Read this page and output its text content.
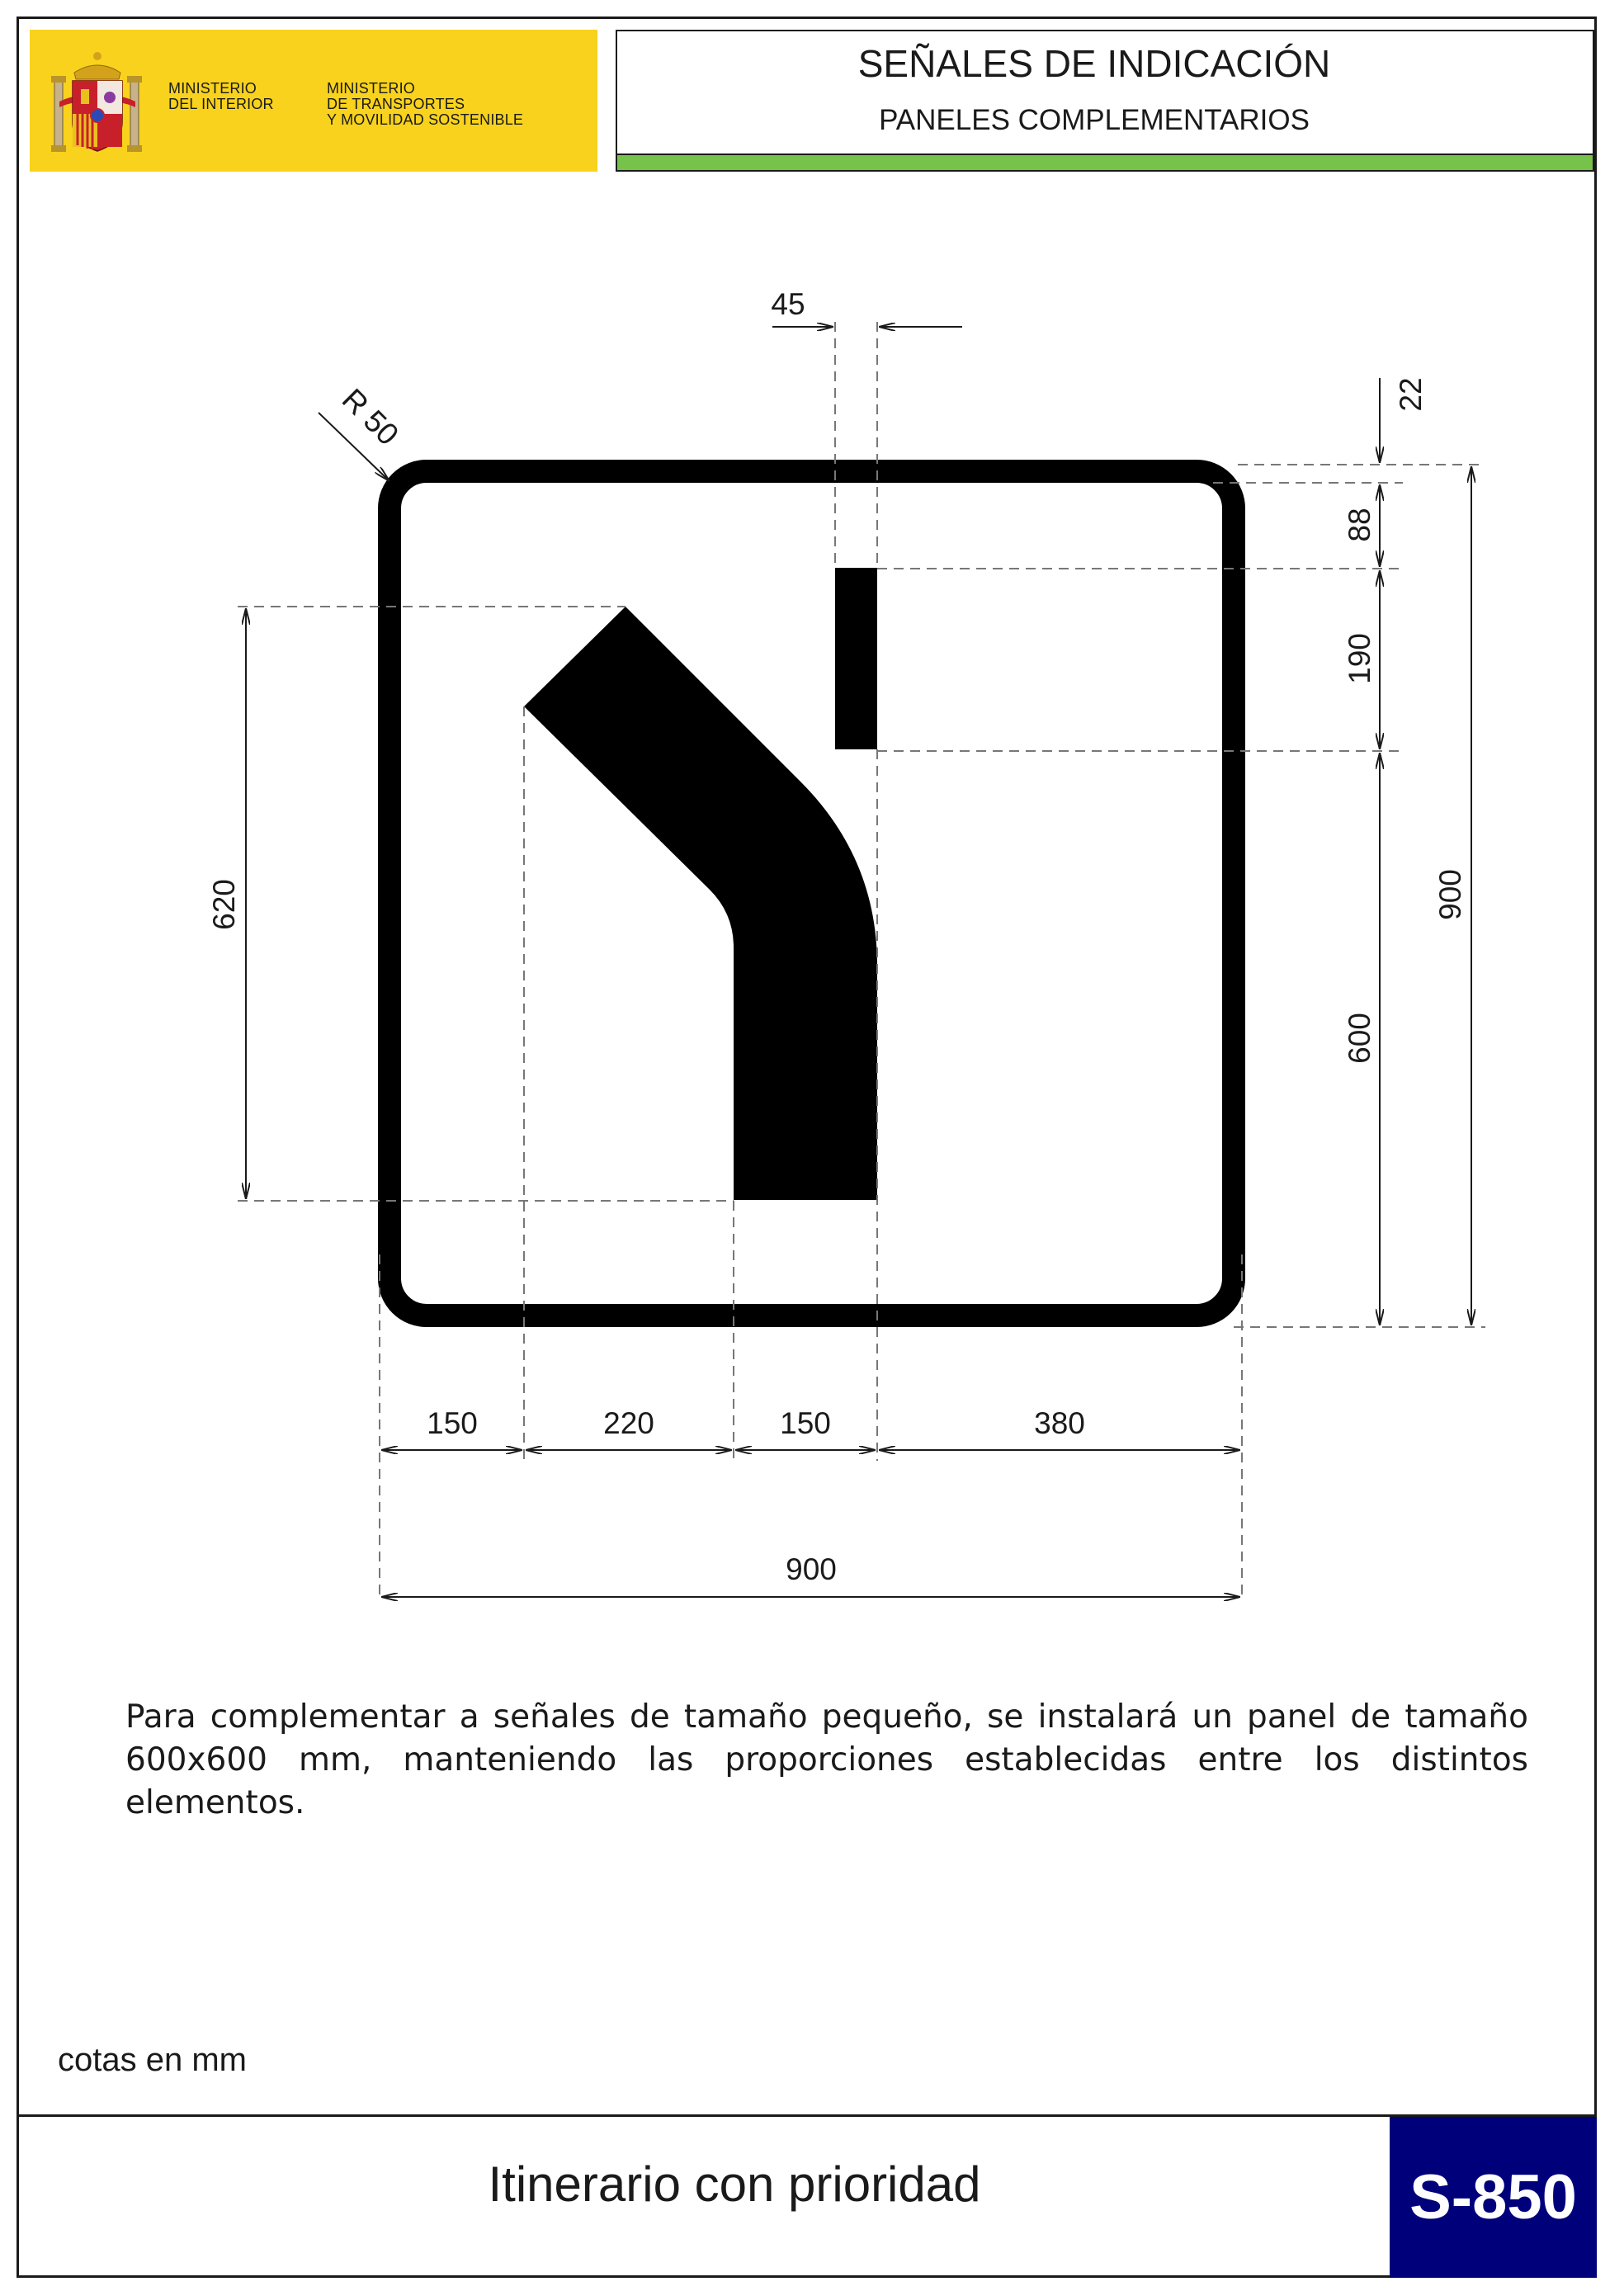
MINISTERIO
DEL INTERIOR
MINISTERIO
DE TRANSPORTES
Y MOVILIDAD SOSTENIBLE
SEÑALES DE INDICACIÓN
PANELES COMPLEMENTARIOS
45
R 50	22
88
190
600
900
620
150	220	150	380
900
Para complementar a señales de tamaño pequeño, se instalará un panel de tamaño 600x600 mm, manteniendo las proporciones establecidas entre los distintos elementos.
cotas en mm
Itinerario con prioridad	S-850
